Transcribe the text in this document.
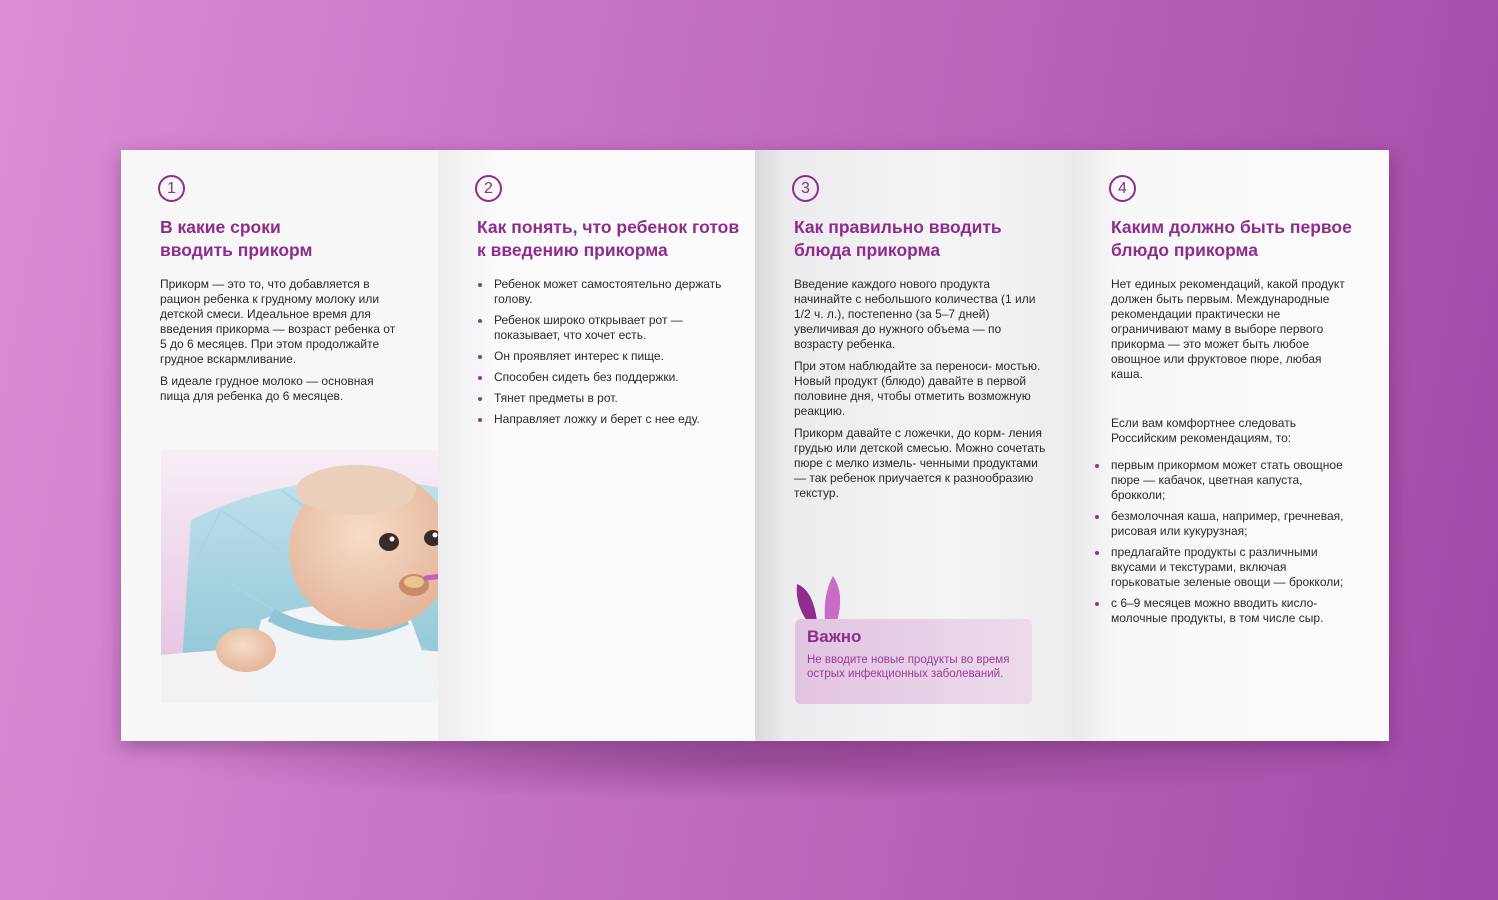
1
В какие сроки вводить прикорм

Прикорм — это то, что добавляется в рацион ребенка к грудному молоку или детской смеси. Идеальное время для введения прикорма — возраст ребенка от 5 до 6 месяцев. При этом продолжайте грудное вскармливание.

В идеале грудное молоко — основная пища для ребенка до 6 месяцев.

2
Как понять, что ребенок готов к введению прикорма
Ребенок может самостоятельно держать голову.
Ребенок широко открывает рот — показывает, что хочет есть.
Он проявляет интерес к пище.
Способен сидеть без поддержки.
Тянет предметы в рот.
Направляет ложку и берет с нее еду.
3
Как правильно вводить блюда прикорма

Введение каждого нового продукта начинайте с небольшого количества (1 или 1/2 ч. л.), постепенно (за 5–7 дней) увеличивая до нужного объема — по возрасту ребенка.

При этом наблюдайте за переноси- мостью. Новый продукт (блюдо) давайте в первой половине дня, чтобы отметить возможную реакцию.

Прикорм давайте с ложечки, до корм- ления грудью или детской смесью. Можно сочетать пюре с мелко измель- ченными продуктами — так ребенок приучается к разнообразию текстур.

Важно

Не вводите новые продукты во время острых инфекционных заболеваний.

4
Каким должно быть первое блюдо прикорма

Нет единых рекомендаций, какой продукт должен быть первым. Международные рекомендации практически не ограничивают маму в выборе первого прикорма — это может быть любое овощное или фруктовое пюре, любая каша.

Если вам комфортнее следовать Российским рекомендациям, то:

первым прикормом может стать овощное пюре — кабачок, цветная капуста, брокколи;
безмолочная каша, например, гречневая, рисовая или кукурузная;
предлагайте продукты с различными вкусами и текстурами, включая горьковатые зеленые овощи — брокколи;
с 6–9 месяцев можно вводить кисло- молочные продукты, в том числе сыр.
